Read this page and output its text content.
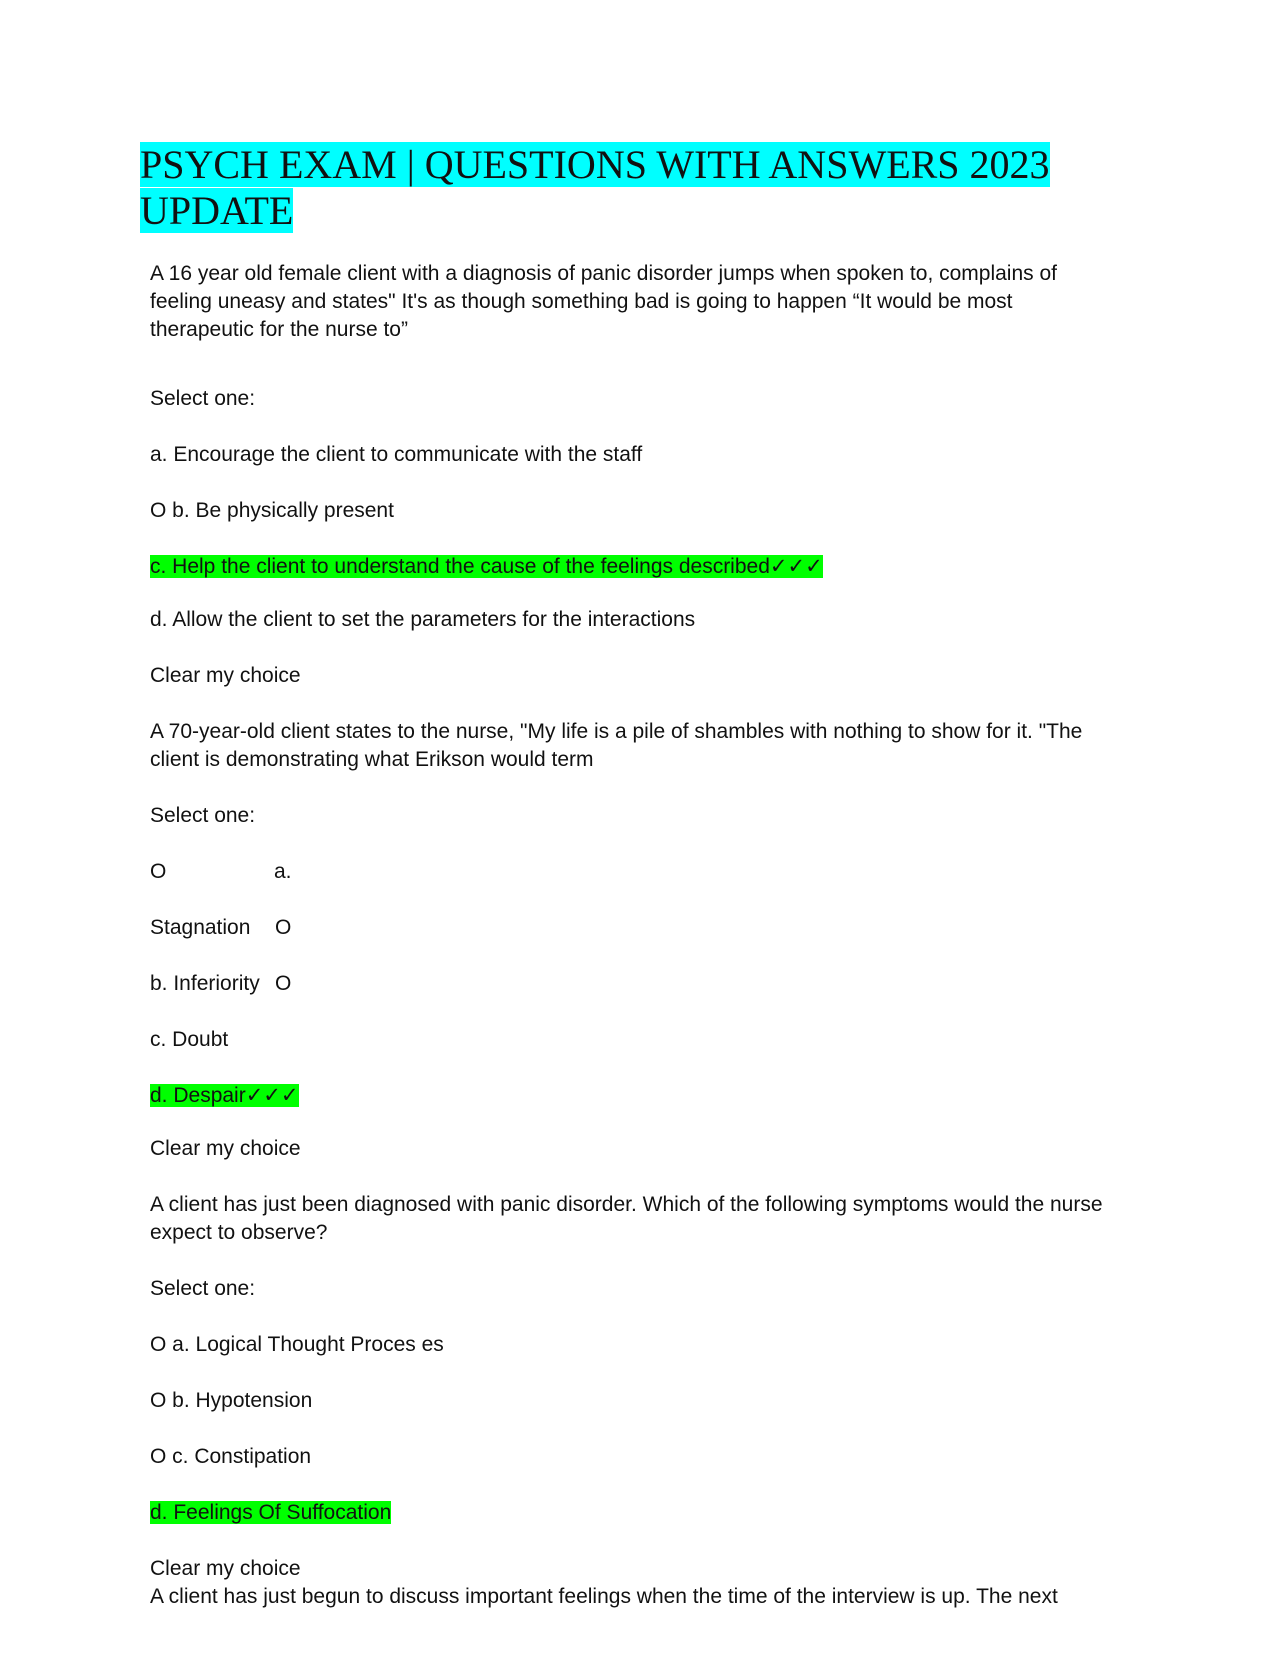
PSYCH EXAM | QUESTIONS WITH ANSWERS 2023
UPDATE
A 16 year old female client with a diagnosis of panic disorder jumps when spoken to, complains of feeling uneasy and states" It's as though something bad is going to happen “It would be most therapeutic for the nurse to”
Select one:
a. Encourage the client to communicate with the staff
O b. Be physically present
c. Help the client to understand the cause of the feelings described✓✓✓
d. Allow the client to set the parameters for the interactions
Clear my choice
A 70-year-old client states to the nurse, "My life is a pile of shambles with nothing to show for it. "The client is demonstrating what Erikson would term
Select one:
O	a.
Stagnation O
b. Inferiority O
c. Doubt
d. Despair✓✓✓
Clear my choice
A client has just been diagnosed with panic disorder. Which of the following symptoms would the nurse expect to observe?
Select one:
O a. Logical Thought Proces es
O b. Hypotension
O c. Constipation
d. Feelings Of Suffocation
Clear my choice
A client has just begun to discuss important feelings when the time of the interview is up. The next
